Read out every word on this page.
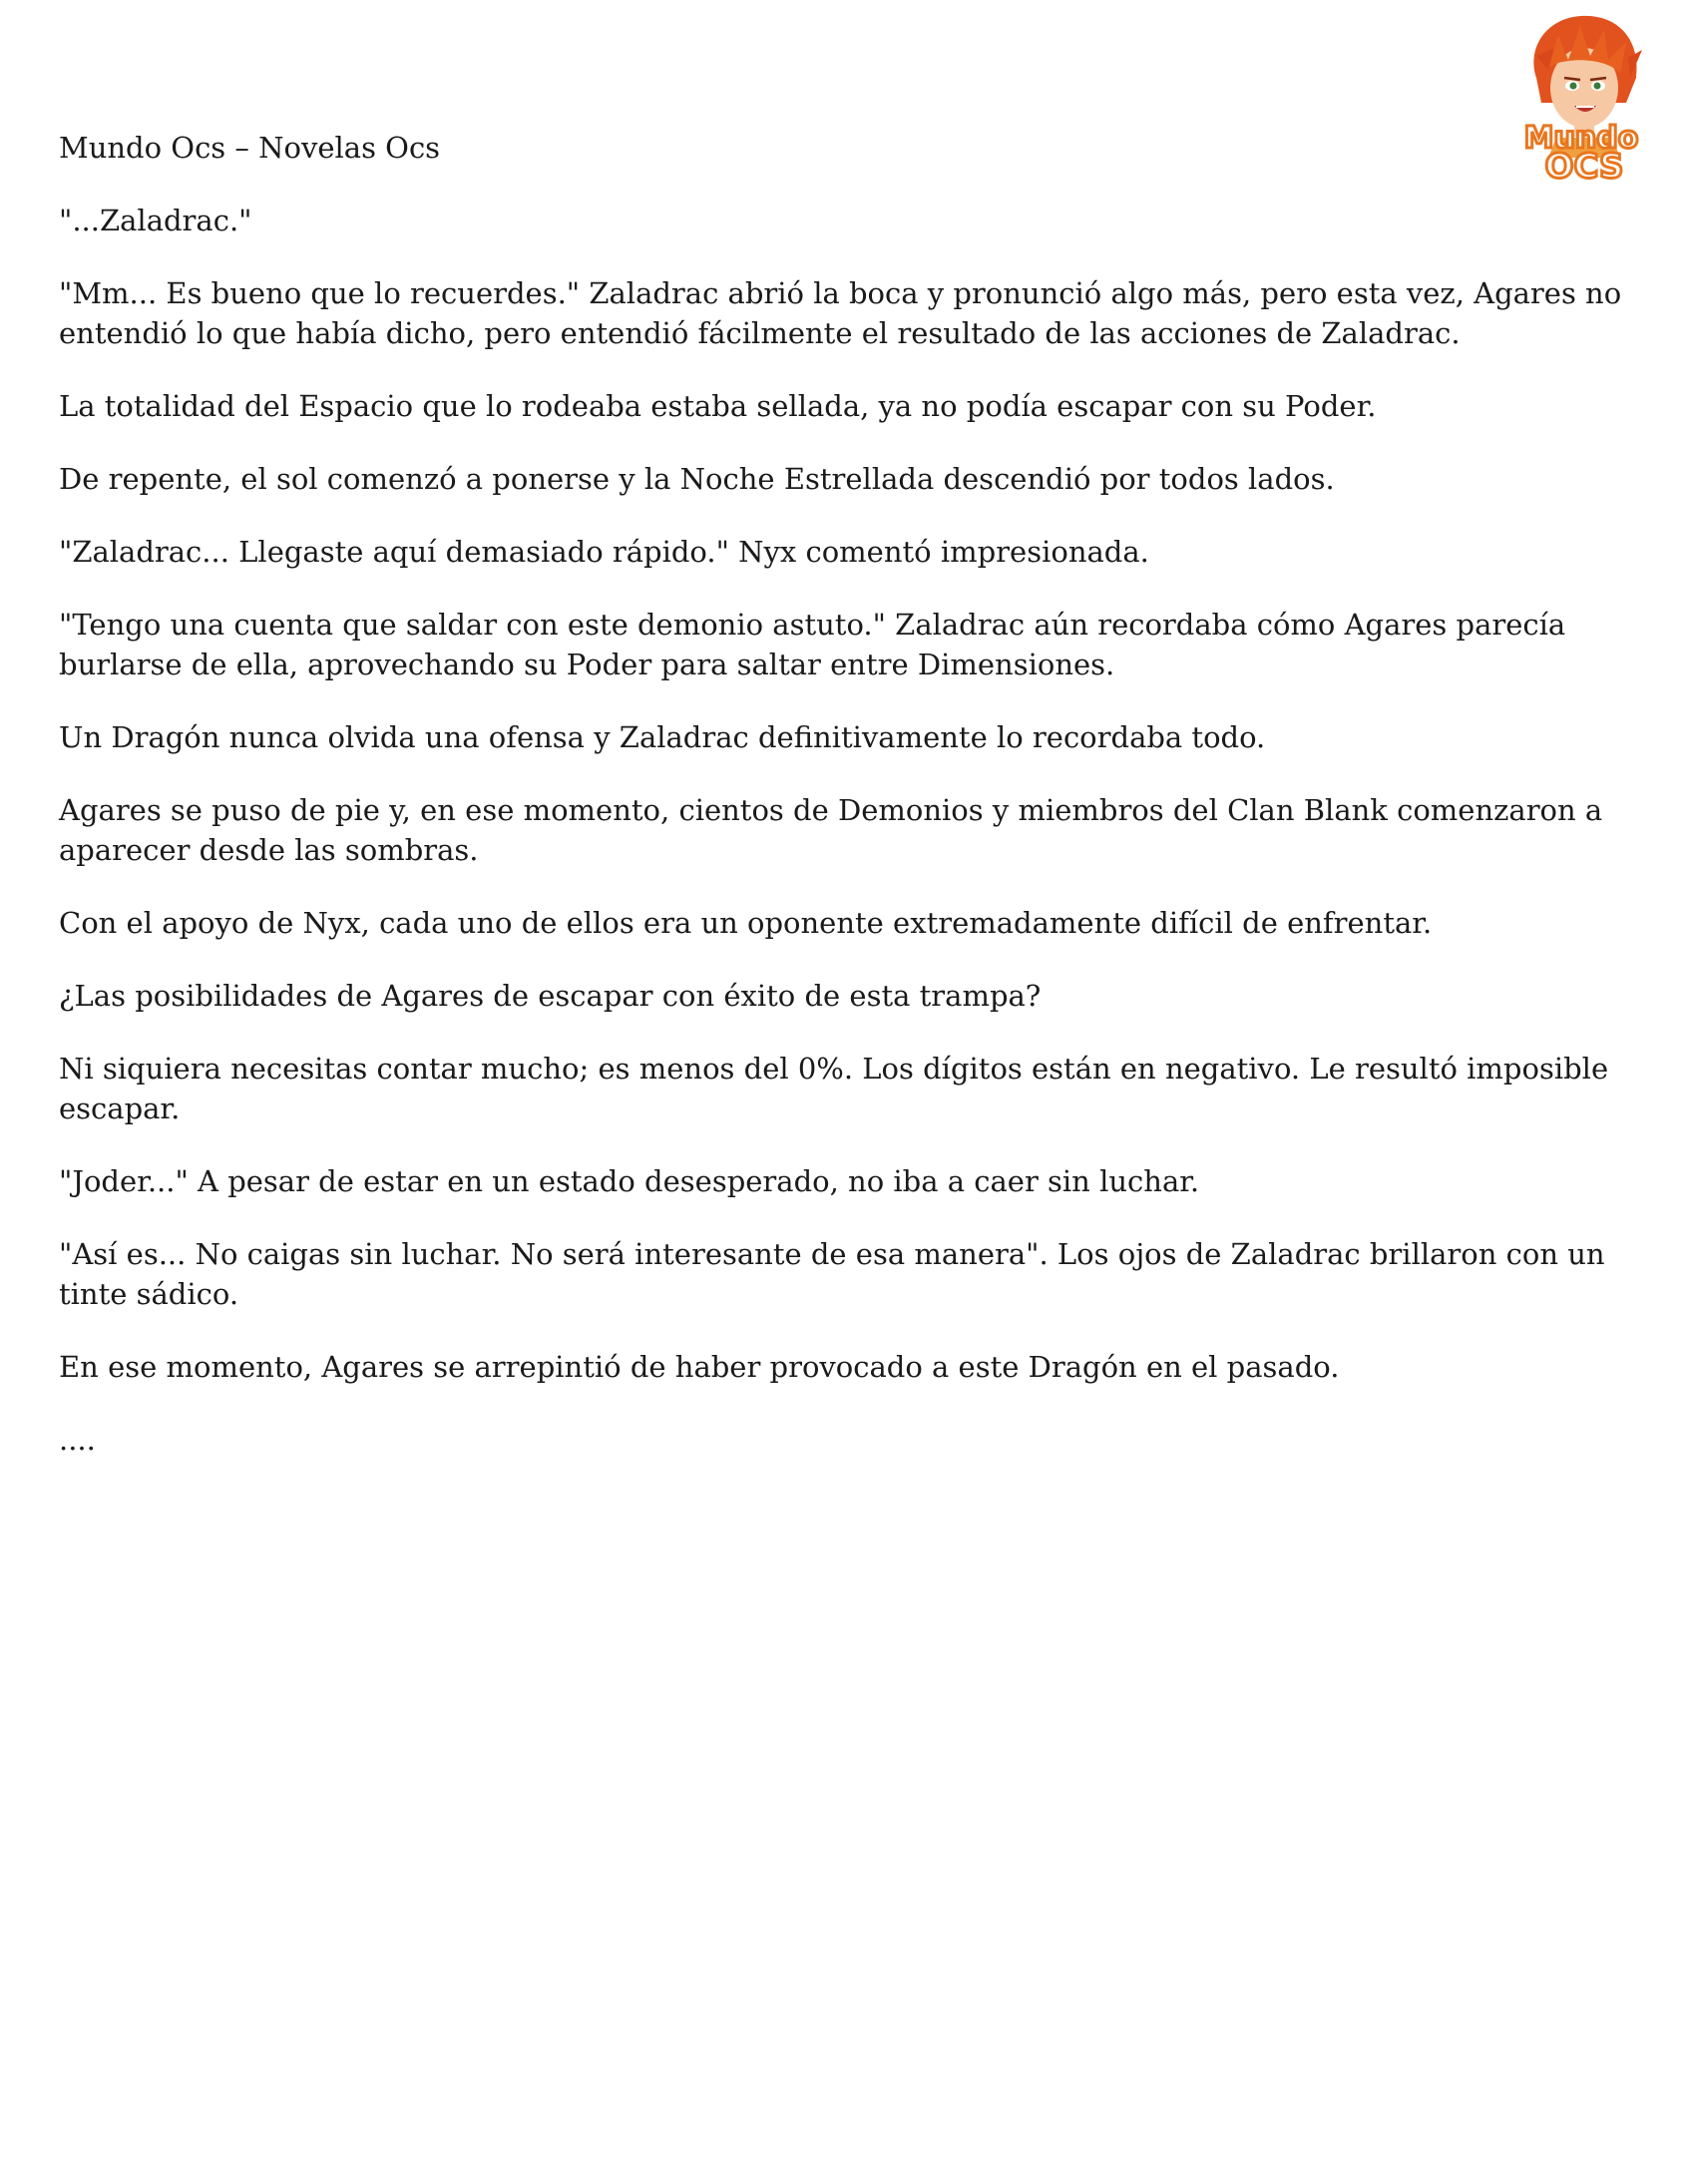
Mundo
OCS
Mundo Ocs – Novelas Ocs

"...Zaladrac."

"Mm... Es bueno que lo recuerdes." Zaladrac abrió la boca y pronunció algo más, pero esta vez, Agares no entendió lo que había dicho, pero entendió fácilmente el resultado de las acciones de Zaladrac.

La totalidad del Espacio que lo rodeaba estaba sellada, ya no podía escapar con su Poder.

De repente, el sol comenzó a ponerse y la Noche Estrellada descendió por todos lados.

"Zaladrac... Llegaste aquí demasiado rápido." Nyx comentó impresionada.

"Tengo una cuenta que saldar con este demonio astuto." Zaladrac aún recordaba cómo Agares parecía burlarse de ella, aprovechando su Poder para saltar entre Dimensiones.

Un Dragón nunca olvida una ofensa y Zaladrac definitivamente lo recordaba todo.

Agares se puso de pie y, en ese momento, cientos de Demonios y miembros del Clan Blank comenzaron a aparecer desde las sombras.

Con el apoyo de Nyx, cada uno de ellos era un oponente extremadamente difícil de enfrentar.

¿Las posibilidades de Agares de escapar con éxito de esta trampa?

Ni siquiera necesitas contar mucho; es menos del 0%. Los dígitos están en negativo. Le resultó imposible escapar.

"Joder..." A pesar de estar en un estado desesperado, no iba a caer sin luchar.

"Así es... No caigas sin luchar. No será interesante de esa manera". Los ojos de Zaladrac brillaron con un tinte sádico.

En ese momento, Agares se arrepintió de haber provocado a este Dragón en el pasado.

....
